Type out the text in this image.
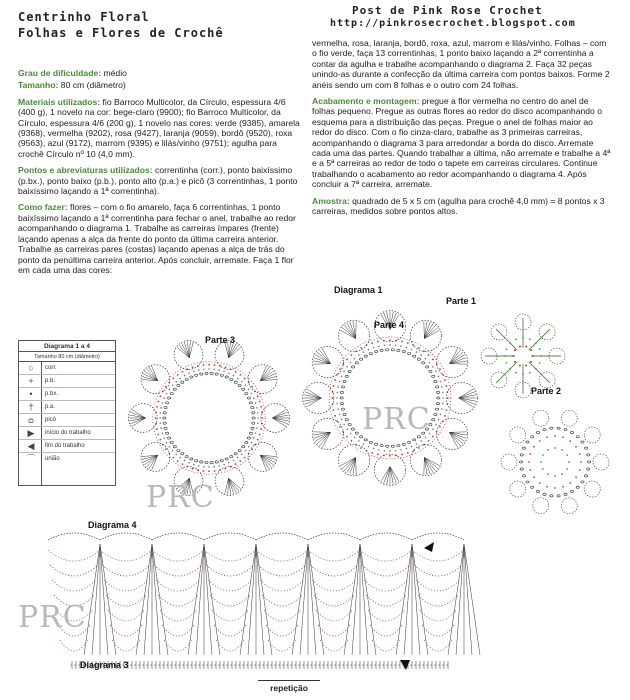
Centrinho Floral
Folhas e Flores de Crochê
Post de Pink Rose Crochet
http://pinkrosecrochet.blogspot.com

Grau de dificuldade: médio

Tamanho: 80 cm (diâmetro)

Materiais utilizados: fio Barroco Multicolor, da Círculo, espessura 4/6 (400 g), 1 novelo na cor: bege-claro (9900); fio Barroco Multicolor, da Círculo, espessura 4/6 (200 g), 1 novelo nas cores: verde (9385), amarela (9368), vermelha (9202), rosa (9427), laranja (9059), bordô (9520), roxa (9563), azul (9172), marrom (9395) e lilás/vinho (9751); agulha para crochê Círculo nº 10 (4,0 mm).

Pontos e abreviaturas utilizados: correntinha (corr.), ponto baixíssimo (p.bx.), ponto baixo (p.b.), ponto alto (p.a.) e picô (3 correntinhas, 1 ponto baixíssimo laçando a 1ª correntinha).

Como fazer: flores – com o fio amarelo, faça 6 correntinhas, 1 ponto baixíssimo laçando a 1ª correntinha para fechar o anel, trabalhe ao redor acompanhando o diagrama 1. Trabalhe as carreiras ímpares (frente) laçando apenas a alça da frente do ponto da última carreira anterior. Trabalhe as carreiras pares (costas) laçando apenas a alça de trás do ponto da penúltima carreira anterior. Após concluir, arremate. Faça 1 flor em cada uma das cores:

vermelha, rosa, laranja, bordô, roxa, azul, marrom e lilás/vinho. Folhas – com o fio verde, faça 13 correntinhas, 1 ponto baixo laçando a 2ª correntinha a contar da agulha e trabalhe acompanhando o diagrama 2. Faça 32 peças unindo-as durante a confecção da última carreira com pontos baixos. Forme 2 anéis sendo um com 8 folhas e o outro com 24 folhas.

Acabamento e montagem: pregue a flor vermelha no centro do anel de folhas pequeno. Pregue as outras flores ao redor do disco acompanhando o esquema para a distribuição das peças. Pregue o anel de folhas maior ao redor do disco. Com o fio cinza-claro, trabalhe as 3 primeiras carreiras, acompanhando o diagrama 3 para arredondar a borda do disco. Arremate cada uma das partes. Quando trabalhar a última, não arremate e trabalhe a 4ª e a 5ª carreiras ao redor de todo o tapete em carreiras circulares. Continue trabalhando o acabamento ao redor acompanhando o diagrama 4. Após concluir a 7ª carreira, arremate.

Amostra: quadrado de 5 x 5 cm (agulha para crochê 4,0 mm) = 8 pontos x 3 carreiras, medidos sobre pontos altos.

Diagrama 1 a 4
Tamanho 80 cm (diâmetro)
○	corr.
+	p.b.
•	p.bx.
†	p.a.
ᴑ	picô
▶	início do trabalho
◀	fim do trabalho
⌒	união
Diagrama 1
Parte 1
Parte 4
Parte 3
Parte 2
Diagrama 4
Diagrama 3
repetição
PRC
PRC
PRC
